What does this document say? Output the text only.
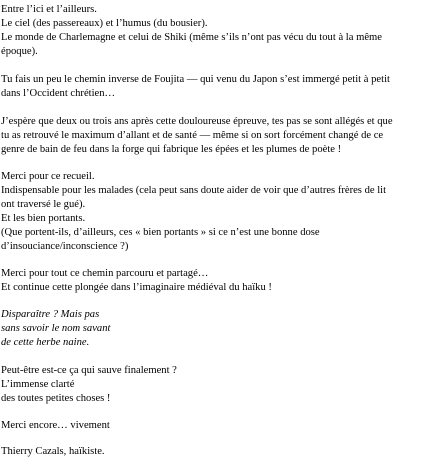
Entre l’ici et l’ailleurs.

Le ciel (des passereaux) et l’humus (du bousier).

Le monde de Charlemagne et celui de Shiki (même s’ils n’ont pas vécu du tout à la même

époque).

Tu fais un peu le chemin inverse de Foujita — qui venu du Japon s’est immergé petit à petit

dans l’Occident chrétien…

J’espère que deux ou trois ans après cette douloureuse épreuve, tes pas se sont allégés et que

tu as retrouvé le maximum d’allant et de santé — même si on sort forcément changé de ce

genre de bain de feu dans la forge qui fabrique les épées et les plumes de poète !

Merci pour ce recueil.

Indispensable pour les malades (cela peut sans doute aider de voir que d’autres frères de lit

ont traversé le gué).

Et les bien portants.

(Que portent-ils, d’ailleurs, ces « bien portants » si ce n’est une bonne dose

d’insouciance/inconscience ?)

Merci pour tout ce chemin parcouru et partagé…

Et continue cette plongée dans l’imaginaire médiéval du haïku !

Disparaître ? Mais pas

sans savoir le nom savant

de cette herbe naine.

Peut-être est-ce ça qui sauve finalement ?

L’immense clarté

des toutes petites choses !

Merci encore… vivement

Thierry Cazals, haïkiste.
